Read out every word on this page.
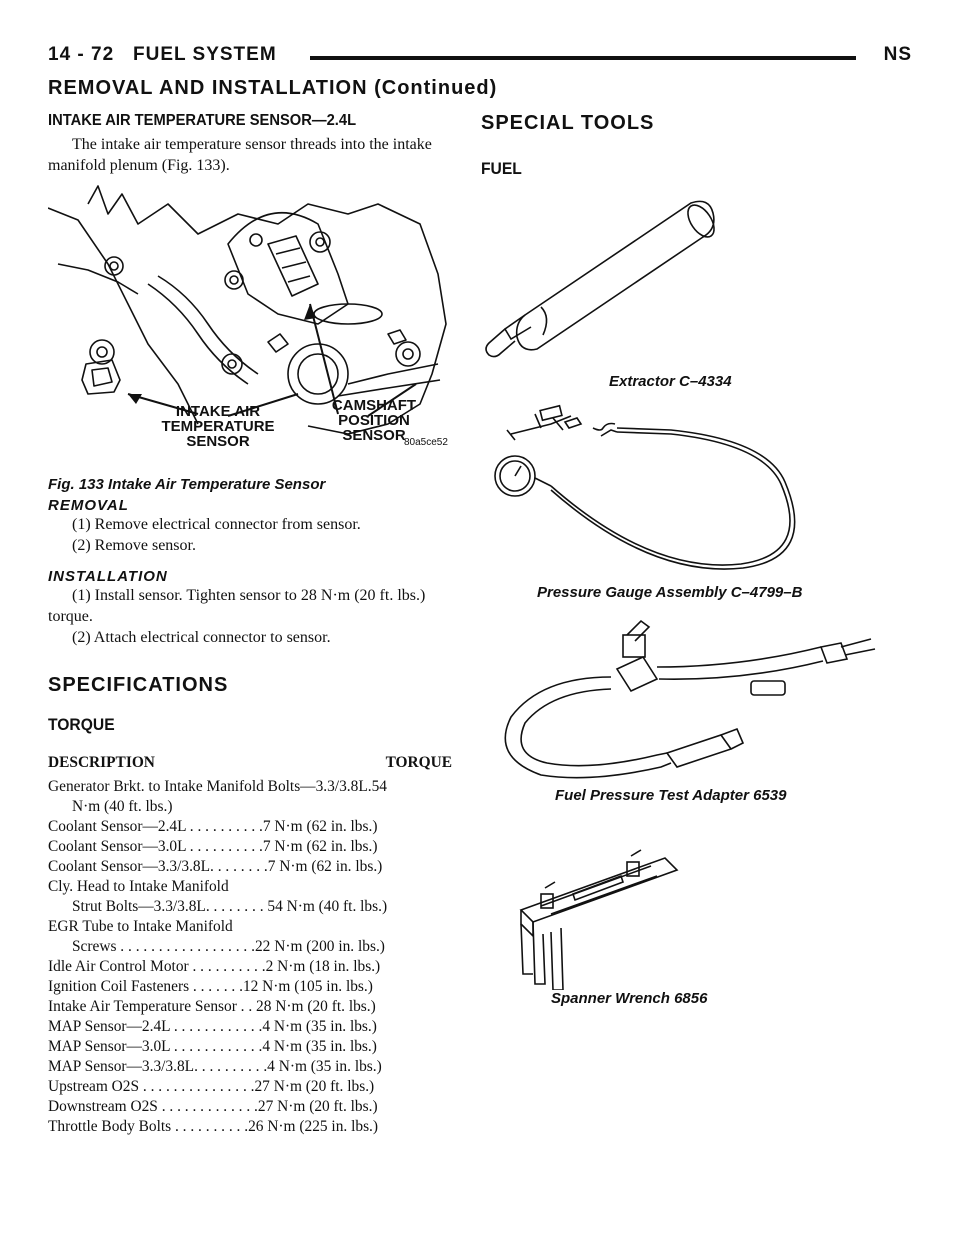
14 - 72   FUEL SYSTEM	NS
REMOVAL AND INSTALLATION (Continued)
INTAKE AIR TEMPERATURE SENSOR—2.4L

The intake air temperature sensor threads into the intake manifold plenum (Fig. 133).

INTAKE AIR
TEMPERATURE
SENSOR
CAMSHAFT
POSITION
SENSOR
80a5ce52

Fig. 133 Intake Air Temperature Sensor

REMOVAL

(1) Remove electrical connector from sensor.

(2) Remove sensor.

INSTALLATION

(1) Install sensor. Tighten sensor to 28 N·m (20 ft. lbs.) torque.

(2) Attach electrical connector to sensor.

SPECIFICATIONS
TORQUE
DESCRIPTION	TORQUE

Generator Brkt. to Intake Manifold Bolts—3.3/3.8L.54

N·m (40 ft. lbs.)

Coolant Sensor—2.4L . . . . . . . . . .7 N·m (62 in. lbs.)

Coolant Sensor—3.0L . . . . . . . . . .7 N·m (62 in. lbs.)

Coolant Sensor—3.3/3.8L. . . . . . . .7 N·m (62 in. lbs.)

Cly. Head to Intake Manifold

Strut Bolts—3.3/3.8L. . . . . . . . 54 N·m (40 ft. lbs.)

EGR Tube to Intake Manifold

Screws . . . . . . . . . . . . . . . . . .22 N·m (200 in. lbs.)

Idle Air Control Motor . . . . . . . . . .2 N·m (18 in. lbs.)

Ignition Coil Fasteners . . . . . . .12 N·m (105 in. lbs.)

Intake Air Temperature Sensor . . 28 N·m (20 ft. lbs.)

MAP Sensor—2.4L . . . . . . . . . . . .4 N·m (35 in. lbs.)

MAP Sensor—3.0L . . . . . . . . . . . .4 N·m (35 in. lbs.)

MAP Sensor—3.3/3.8L. . . . . . . . . .4 N·m (35 in. lbs.)

Upstream O2S . . . . . . . . . . . . . . .27 N·m (20 ft. lbs.)

Downstream O2S . . . . . . . . . . . . .27 N·m (20 ft. lbs.)

Throttle Body Bolts . . . . . . . . . .26 N·m (225 in. lbs.)

SPECIAL TOOLS
FUEL

Extractor C–4334

Pressure Gauge Assembly C–4799–B

Fuel Pressure Test Adapter 6539

Spanner Wrench 6856
